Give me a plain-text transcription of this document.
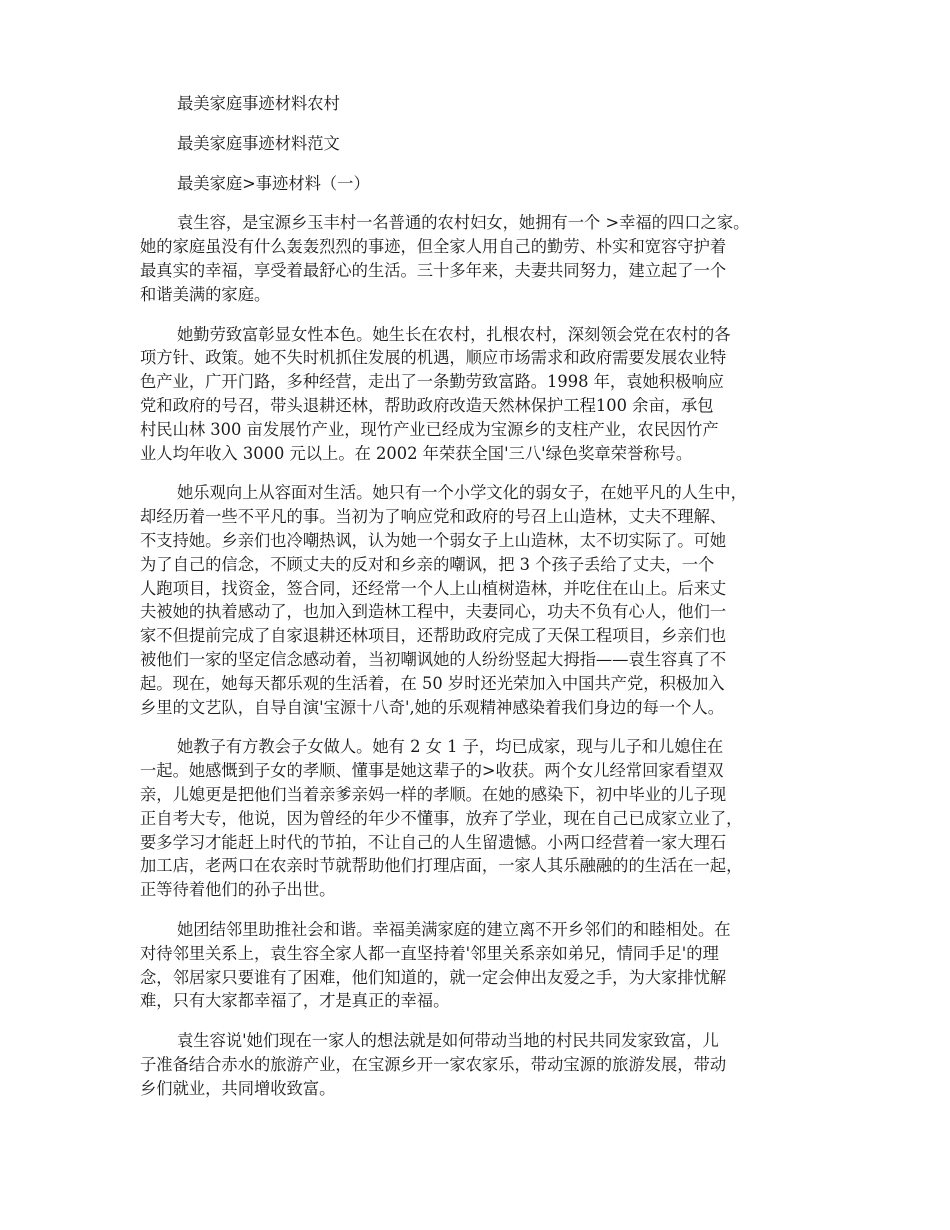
最美家庭事迹材料农村

最美家庭事迹材料范文

最美家庭>事迹材料（一）

袁生容，是宝源乡玉丰村一名普通的农村妇女，她拥有一个 >幸福的四口之家。
她的家庭虽没有什么轰轰烈烈的事迹，但全家人用自己的勤劳、朴实和宽容守护着
最真实的幸福，享受着最舒心的生活。三十多年来，夫妻共同努力，建立起了一个
和谐美满的家庭。
她勤劳致富彰显女性本色。她生长在农村，扎根农村，深刻领会党在农村的各
项方针、政策。她不失时机抓住发展的机遇，顺应市场需求和政府需要发展农业特
色产业，广开门路，多种经营，走出了一条勤劳致富路。1998 年，袁她积极响应
党和政府的号召，带头退耕还林，帮助政府改造天然林保护工程100 余亩，承包
村民山林 300 亩发展竹产业，现竹产业已经成为宝源乡的支柱产业，农民因竹产
业人均年收入 3000 元以上。在 2002 年荣获全国'三八'绿色奖章荣誉称号。
她乐观向上从容面对生活。她只有一个小学文化的弱女子，在她平凡的人生中，
却经历着一些不平凡的事。当初为了响应党和政府的号召上山造林，丈夫不理解、
不支持她。乡亲们也冷嘲热讽，认为她一个弱女子上山造林，太不切实际了。可她
为了自己的信念，不顾丈夫的反对和乡亲的嘲讽，把 3 个孩子丢给了丈夫，一个
人跑项目，找资金，签合同，还经常一个人上山植树造林，并吃住在山上。后来丈
夫被她的执着感动了，也加入到造林工程中，夫妻同心，功夫不负有心人，他们一
家不但提前完成了自家退耕还林项目，还帮助政府完成了天保工程项目，乡亲们也
被他们一家的坚定信念感动着，当初嘲讽她的人纷纷竖起大拇指——袁生容真了不
起。现在，她每天都乐观的生活着，在 50 岁时还光荣加入中国共产党，积极加入
乡里的文艺队，自导自演'宝源十八奇',她的乐观精神感染着我们身边的每一个人。
她教子有方教会子女做人。她有 2 女 1 子，均已成家，现与儿子和儿媳住在
一起。她感慨到子女的孝顺、懂事是她这辈子的>收获。两个女儿经常回家看望双
亲，儿媳更是把他们当着亲爹亲妈一样的孝顺。在她的感染下，初中毕业的儿子现
正自考大专，他说，因为曾经的年少不懂事，放弃了学业，现在自己已成家立业了，
要多学习才能赶上时代的节拍，不让自己的人生留遗憾。小两口经营着一家大理石
加工店，老两口在农亲时节就帮助他们打理店面，一家人其乐融融的的生活在一起，
正等待着他们的孙子出世。
她团结邻里助推社会和谐。幸福美满家庭的建立离不开乡邻们的和睦相处。在
对待邻里关系上，袁生容全家人都一直坚持着'邻里关系亲如弟兄，情同手足'的理
念，邻居家只要谁有了困难，他们知道的，就一定会伸出友爱之手，为大家排忧解
难，只有大家都幸福了，才是真正的幸福。
袁生容说'她们现在一家人的想法就是如何带动当地的村民共同发家致富，儿
子准备结合赤水的旅游产业，在宝源乡开一家农家乐，带动宝源的旅游发展，带动
乡们就业，共同增收致富。
